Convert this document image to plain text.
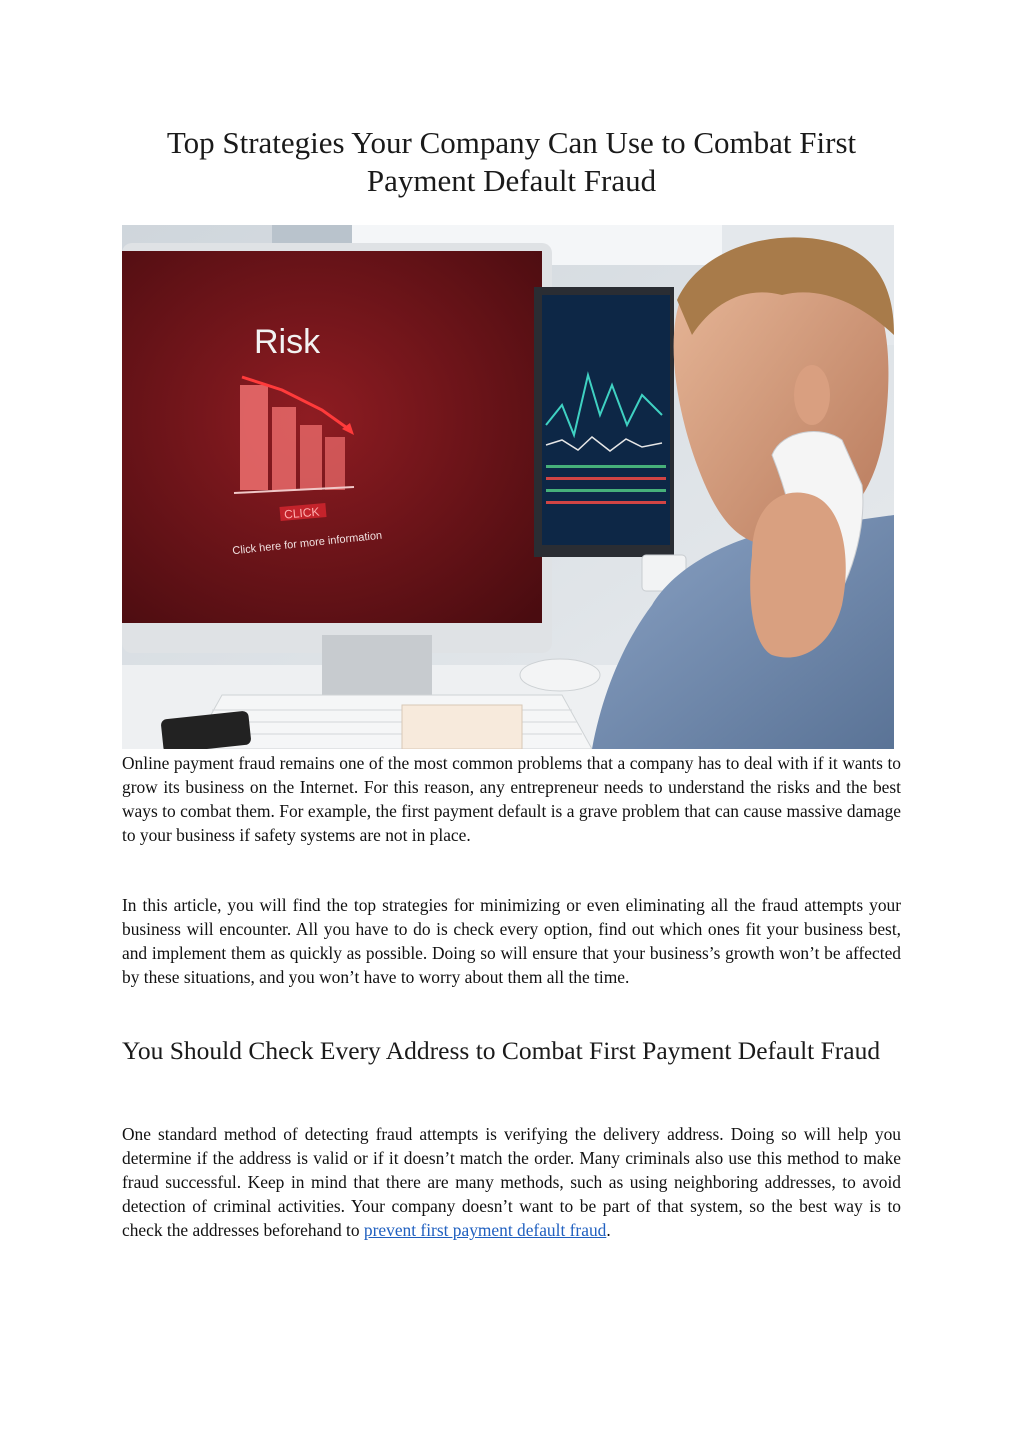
Top Strategies Your Company Can Use to Combat First Payment Default Fraud
Risk
CLICK
Click here for more information

Online payment fraud remains one of the most common problems that a company has to deal with if it wants to grow its business on the Internet. For this reason, any entrepreneur needs to understand the risks and the best ways to combat them. For example, the first payment default is a grave problem that can cause massive damage to your business if safety systems are not in place.

In this article, you will find the top strategies for minimizing or even eliminating all the fraud attempts your business will encounter. All you have to do is check every option, find out which ones fit your business best, and implement them as quickly as possible. Doing so will ensure that your business’s growth won’t be affected by these situations, and you won’t have to worry about them all the time.

You Should Check Every Address to Combat First Payment Default Fraud

One standard method of detecting fraud attempts is verifying the delivery address. Doing so will help you determine if the address is valid or if it doesn’t match the order. Many criminals also use this method to make fraud successful. Keep in mind that there are many methods, such as using neighboring addresses, to avoid detection of criminal activities. Your company doesn’t want to be part of that system, so the best way is to check the addresses beforehand to prevent first payment default fraud.
